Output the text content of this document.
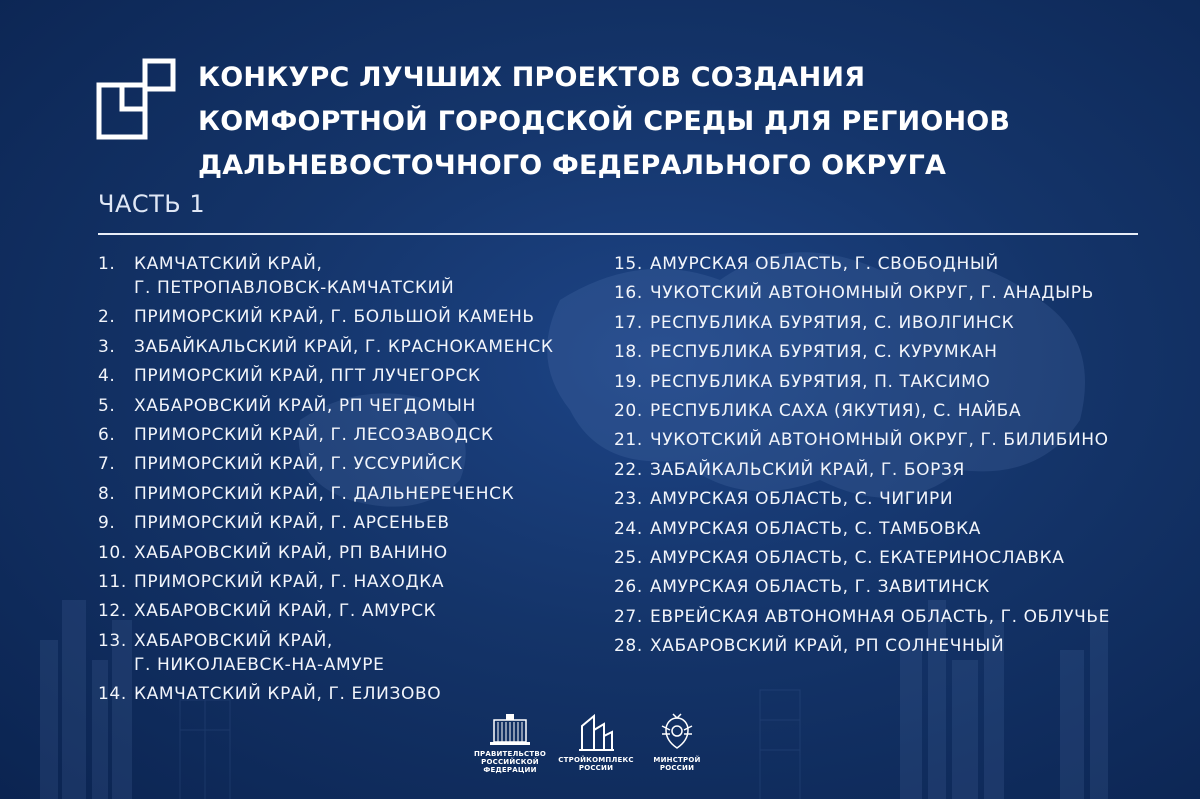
КОНКУРС ЛУЧШИХ ПРОЕКТОВ СОЗДАНИЯ
КОМФОРТНОЙ ГОРОДСКОЙ СРЕДЫ ДЛЯ РЕГИОНОВ
ДАЛЬНЕВОСТОЧНОГО ФЕДЕРАЛЬНОГО ОКРУГА
ЧАСТЬ 1
1.	КАМЧАТСКИЙ КРАЙ,
Г. ПЕТРОПАВЛОВСК-КАМЧАТСКИЙ
2.	ПРИМОРСКИЙ КРАЙ, Г. БОЛЬШОЙ КАМЕНЬ
3.	ЗАБАЙКАЛЬСКИЙ КРАЙ, Г. КРАСНОКАМЕНСК
4.	ПРИМОРСКИЙ КРАЙ, ПГТ ЛУЧЕГОРСК
5.	ХАБАРОВСКИЙ КРАЙ, РП ЧЕГДОМЫН
6.	ПРИМОРСКИЙ КРАЙ, Г. ЛЕСОЗАВОДСК
7.	ПРИМОРСКИЙ КРАЙ, Г. УССУРИЙСК
8.	ПРИМОРСКИЙ КРАЙ, Г. ДАЛЬНЕРЕЧЕНСК
9.	ПРИМОРСКИЙ КРАЙ, Г. АРСЕНЬЕВ
10. ХАБАРОВСКИЙ КРАЙ, РП ВАНИНО
11. ПРИМОРСКИЙ КРАЙ, Г. НАХОДКА
12. ХАБАРОВСКИЙ КРАЙ, Г. АМУРСК
13. ХАБАРОВСКИЙ КРАЙ,
Г. НИКОЛАЕВСК-НА-АМУРЕ
14. КАМЧАТСКИЙ КРАЙ, Г. ЕЛИЗОВО
15. АМУРСКАЯ ОБЛАСТЬ, Г. СВОБОДНЫЙ
16. ЧУКОТСКИЙ АВТОНОМНЫЙ ОКРУГ, Г. АНАДЫРЬ
17. РЕСПУБЛИКА БУРЯТИЯ, С. ИВОЛГИНСК
18. РЕСПУБЛИКА БУРЯТИЯ, С. КУРУМКАН
19. РЕСПУБЛИКА БУРЯТИЯ, П. ТАКСИМО
20. РЕСПУБЛИКА САХА (ЯКУТИЯ), С. НАЙБА
21. ЧУКОТСКИЙ АВТОНОМНЫЙ ОКРУГ, Г. БИЛИБИНО
22. ЗАБАЙКАЛЬСКИЙ КРАЙ, Г. БОРЗЯ
23. АМУРСКАЯ ОБЛАСТЬ, С. ЧИГИРИ
24. АМУРСКАЯ ОБЛАСТЬ, С. ТАМБОВКА
25. АМУРСКАЯ ОБЛАСТЬ, С. ЕКАТЕРИНОСЛАВКА
26. АМУРСКАЯ ОБЛАСТЬ, Г. ЗАВИТИНСК
27. ЕВРЕЙСКАЯ АВТОНОМНАЯ ОБЛАСТЬ, Г. ОБЛУЧЬЕ
28. ХАБАРОВСКИЙ КРАЙ, РП СОЛНЕЧНЫЙ
ПРАВИТЕЛЬСТВО
РОССИЙСКОЙ
ФЕДЕРАЦИИ
СТРОЙКОМПЛЕКС
РОССИИ
МИНСТРОЙ
РОССИИ
